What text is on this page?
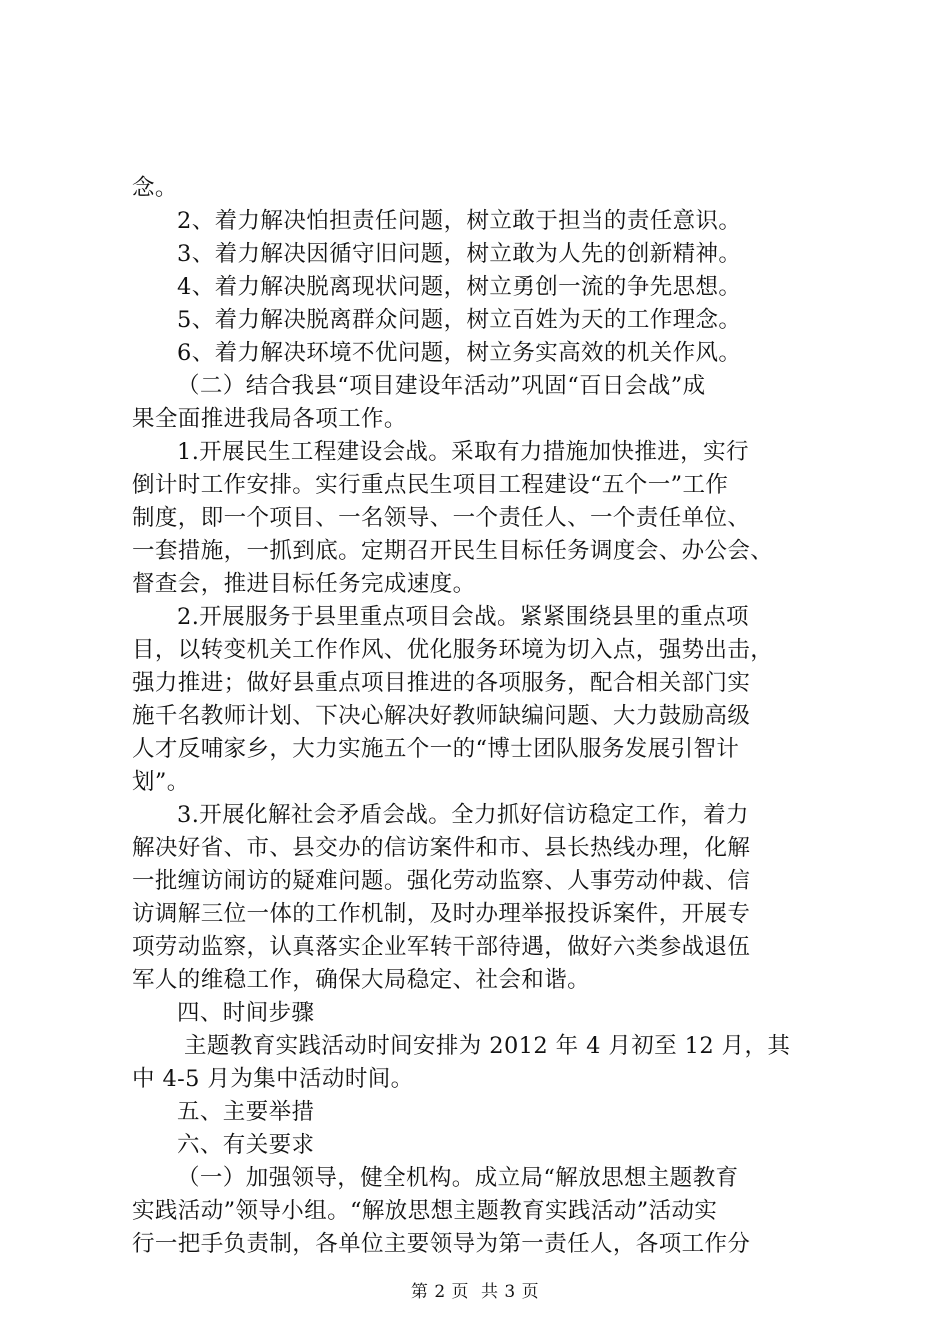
念。
2、着力解决怕担责任问题，树立敢于担当的责任意识。
3、着力解决因循守旧问题，树立敢为人先的创新精神。
4、着力解决脱离现状问题，树立勇创一流的争先思想。
5、着力解决脱离群众问题，树立百姓为天的工作理念。
6、着力解决环境不优问题，树立务实高效的机关作风。
（二）结合我县“项目建设年活动”巩固“百日会战”成
果全面推进我局各项工作。
1.开展民生工程建设会战。采取有力措施加快推进，实行
倒计时工作安排。实行重点民生项目工程建设“五个一”工作
制度，即一个项目、一名领导、一个责任人、一个责任单位、
一套措施，一抓到底。定期召开民生目标任务调度会、办公会、
督查会，推进目标任务完成速度。
2.开展服务于县里重点项目会战。紧紧围绕县里的重点项
目，以转变机关工作作风、优化服务环境为切入点，强势出击，
强力推进；做好县重点项目推进的各项服务，配合相关部门实
施千名教师计划、下决心解决好教师缺编问题、大力鼓励高级
人才反哺家乡，大力实施五个一的“博士团队服务发展引智计
划”。
3.开展化解社会矛盾会战。全力抓好信访稳定工作，着力
解决好省、市、县交办的信访案件和市、县长热线办理，化解
一批缠访闹访的疑难问题。强化劳动监察、人事劳动仲裁、信
访调解三位一体的工作机制，及时办理举报投诉案件，开展专
项劳动监察，认真落实企业军转干部待遇，做好六类参战退伍
军人的维稳工作，确保大局稳定、社会和谐。
四、时间步骤
主题教育实践活动时间安排为 2012 年 4 月初至 12 月，其
中 4-5 月为集中活动时间。
五、主要举措
六、有关要求
（一）加强领导，健全机构。成立局“解放思想主题教育
实践活动”领导小组。“解放思想主题教育实践活动”活动实
行一把手负责制，各单位主要领导为第一责任人，各项工作分
第 2 页 共 3 页
